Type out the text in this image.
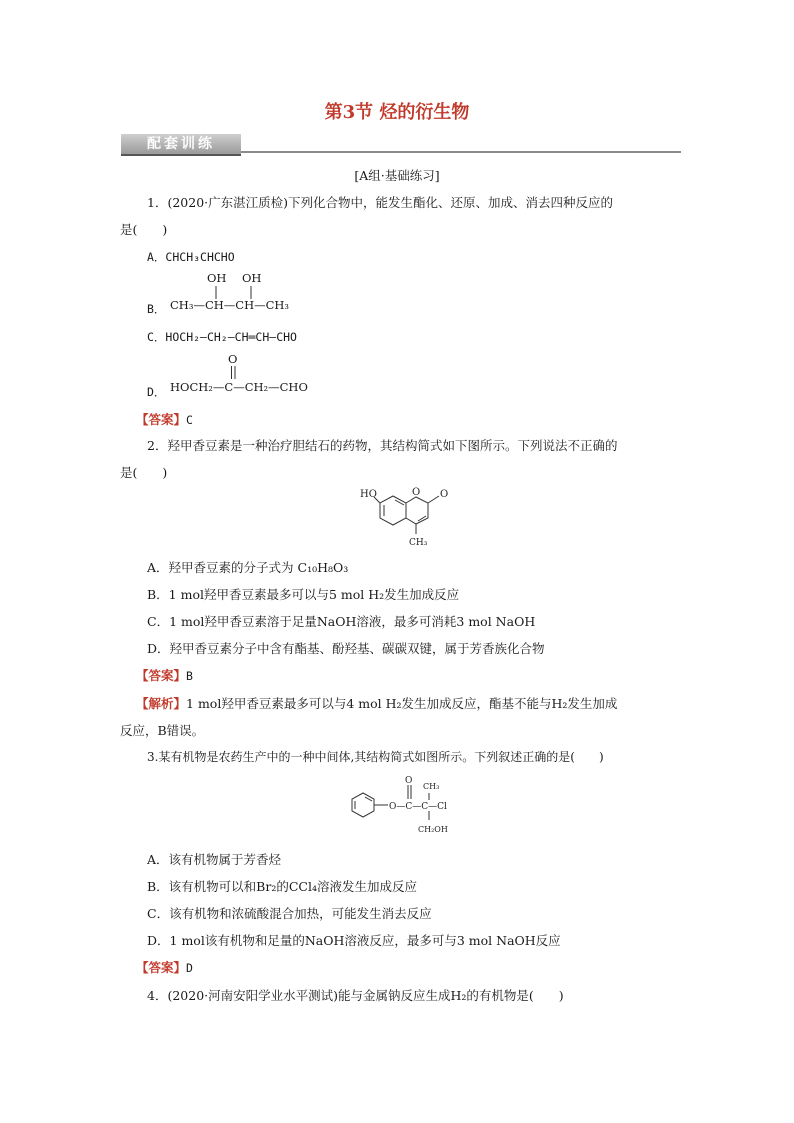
第3节 烃的衍生物
配套训练
[A组·基础练习]
1．(2020·广东湛江质检)下列化合物中，能发生酯化、还原、加成、消去四种反应的
是(　　)
A．CHCH₃CHCHO
B．
OH OH
CH₃—CH—CH—CH₃
C．HOCH₂—CH₂—CH═CH—CHO
D．
O
HOCH₂—C—CH₂—CHO
【答案】C
2．羟甲香豆素是一种治疗胆结石的药物，其结构简式如下图所示。下列说法不正确的
是(　　)
HO	O O
CH₃
A．羟甲香豆素的分子式为 C₁₀H₈O₃
B．1 mol羟甲香豆素最多可以与5 mol H₂发生加成反应
C．1 mol羟甲香豆素溶于足量NaOH溶液，最多可消耗3 mol NaOH
D．羟甲香豆素分子中含有酯基、酚羟基、碳碳双键，属于芳香族化合物
【答案】B
【解析】1 mol羟甲香豆素最多可以与4 mol H₂发生加成反应，酯基不能与H₂发生加成
反应，B错误。
3.某有机物是农药生产中的一种中间体,其结构简式如图所示。下列叙述正确的是(　　)
O
CH₃
O—C—C—Cl
CH₂OH
A．该有机物属于芳香烃
B．该有机物可以和Br₂的CCl₄溶液发生加成反应
C．该有机物和浓硫酸混合加热，可能发生消去反应
D．1 mol该有机物和足量的NaOH溶液反应，最多可与3 mol NaOH反应
【答案】D
4．(2020·河南安阳学业水平测试)能与金属钠反应生成H₂的有机物是(　　)
